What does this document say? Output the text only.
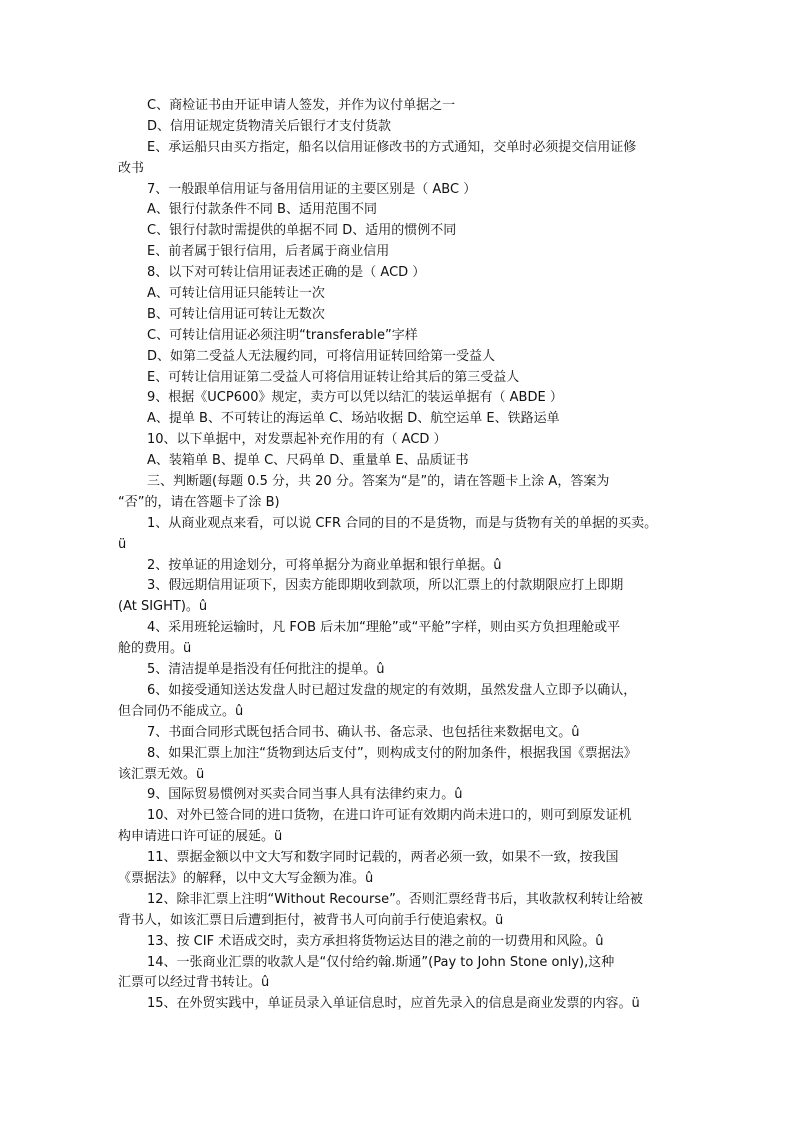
C、商检证书由开证申请人签发，并作为议付单据之一
D、信用证规定货物清关后银行才支付货款
E、承运船只由买方指定，船名以信用证修改书的方式通知，交单时必须提交信用证修
改书
7、一般跟单信用证与备用信用证的主要区别是（ ABC ）
A、银行付款条件不同 B、适用范围不同
C、银行付款时需提供的单据不同 D、适用的惯例不同
E、前者属于银行信用，后者属于商业信用
8、以下对可转让信用证表述正确的是（ ACD ）
A、可转让信用证只能转让一次
B、可转让信用证可转让无数次
C、可转让信用证必须注明“transferable”字样
D、如第二受益人无法履约同，可将信用证转回给第一受益人
E、可转让信用证第二受益人可将信用证转让给其后的第三受益人
9、根据《UCP600》规定，卖方可以凭以结汇的装运单据有（ ABDE ）
A、提单 B、不可转让的海运单 C、场站收据 D、航空运单 E、铁路运单
10、以下单据中，对发票起补充作用的有（ ACD ）
A、装箱单 B、提单 C、尺码单 D、重量单 E、品质证书
三、判断题(每题 0.5 分，共 20 分。答案为“是”的，请在答题卡上涂 A，答案为
“否”的，请在答题卡了涂 B)
1、从商业观点来看，可以说 CFR 合同的目的不是货物，而是与货物有关的单据的买卖。
ü
2、按单证的用途划分，可将单据分为商业单据和银行单据。û
3、假远期信用证项下，因卖方能即期收到款项，所以汇票上的付款期限应打上即期
(At SIGHT)。û
4、采用班轮运输时，凡 FOB 后未加“理舱”或“平舱”字样，则由买方负担理舱或平
舱的费用。ü
5、清洁提单是指没有任何批注的提单。û
6、如接受通知送达发盘人时已超过发盘的规定的有效期，虽然发盘人立即予以确认，
但合同仍不能成立。û
7、书面合同形式既包括合同书、确认书、备忘录、也包括往来数据电文。û
8、如果汇票上加注“货物到达后支付”，则构成支付的附加条件，根据我国《票据法》
该汇票无效。ü
9、国际贸易惯例对买卖合同当事人具有法律约束力。û
10、对外已签合同的进口货物，在进口许可证有效期内尚未进口的，则可到原发证机
构申请进口许可证的展延。ü
11、票据金额以中文大写和数字同时记载的，两者必须一致，如果不一致，按我国
《票据法》的解释，以中文大写金额为准。û
12、除非汇票上注明“Without Recourse”。否则汇票经背书后，其收款权利转让给被
背书人，如该汇票日后遭到拒付，被背书人可向前手行使追索权。ü
13、按 CIF 术语成交时，卖方承担将货物运达目的港之前的一切费用和风险。û
14、一张商业汇票的收款人是“仅付给约翰.斯通”(Pay to John Stone only),这种
汇票可以经过背书转让。û
15、在外贸实践中，单证员录入单证信息时，应首先录入的信息是商业发票的内容。ü
